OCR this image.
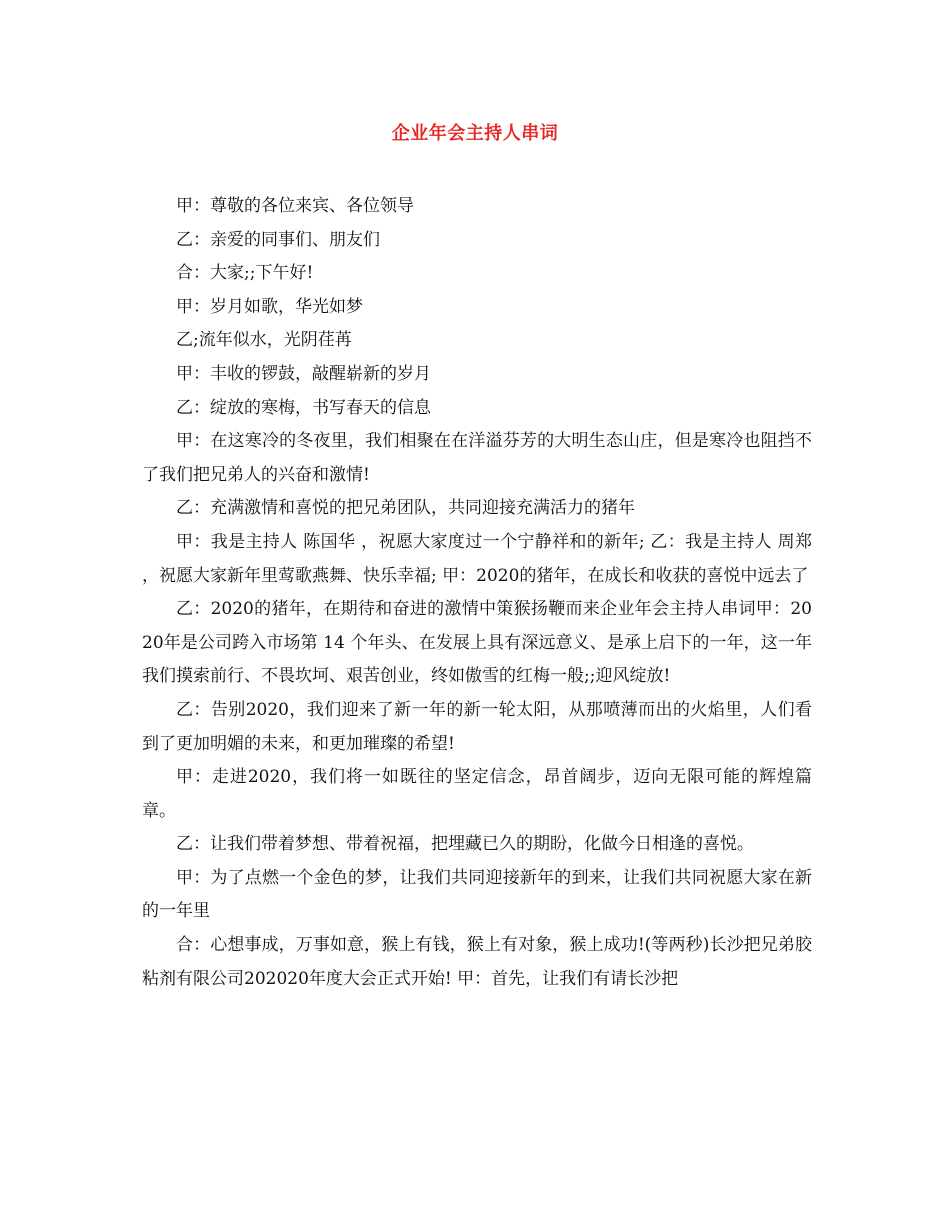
企业年会主持人串词

甲：尊敬的各位来宾、各位领导

乙：亲爱的同事们、朋友们

合：大家;;下午好!

甲：岁月如歌，华光如梦

乙;流年似水，光阴荏苒

甲：丰收的锣鼓，敲醒崭新的岁月

乙：绽放的寒梅，书写春天的信息

甲：在这寒冷的冬夜里，我们相聚在在洋溢芬芳的大明生态山庄，但是寒冷也阻挡不了我们把兄弟人的兴奋和激情!

乙：充满激情和喜悦的把兄弟团队，共同迎接充满活力的猪年

甲：我是主持人 陈国华 ，祝愿大家度过一个宁静祥和的新年; 乙：我是主持人 周郑 ，祝愿大家新年里莺歌燕舞、快乐幸福; 甲：2020的猪年，在成长和收获的喜悦中远去了

乙：2020的猪年，在期待和奋进的激情中策猴扬鞭而来企业年会主持人串词甲：2020年是公司跨入市场第 14 个年头、在发展上具有深远意义、是承上启下的一年，这一年我们摸索前行、不畏坎坷、艰苦创业，终如傲雪的红梅一般;;迎风绽放!

乙：告别2020，我们迎来了新一年的新一轮太阳，从那喷薄而出的火焰里，人们看到了更加明媚的未来，和更加璀璨的希望!

甲：走进2020，我们将一如既往的坚定信念，昂首阔步，迈向无限可能的辉煌篇章。

乙：让我们带着梦想、带着祝福，把埋藏已久的期盼，化做今日相逢的喜悦。

甲：为了点燃一个金色的梦，让我们共同迎接新年的到来，让我们共同祝愿大家在新的一年里

合：心想事成，万事如意，猴上有钱，猴上有对象，猴上成功!(等两秒)长沙把兄弟胶粘剂有限公司202020年度大会正式开始! 甲：首先，让我们有请长沙把
